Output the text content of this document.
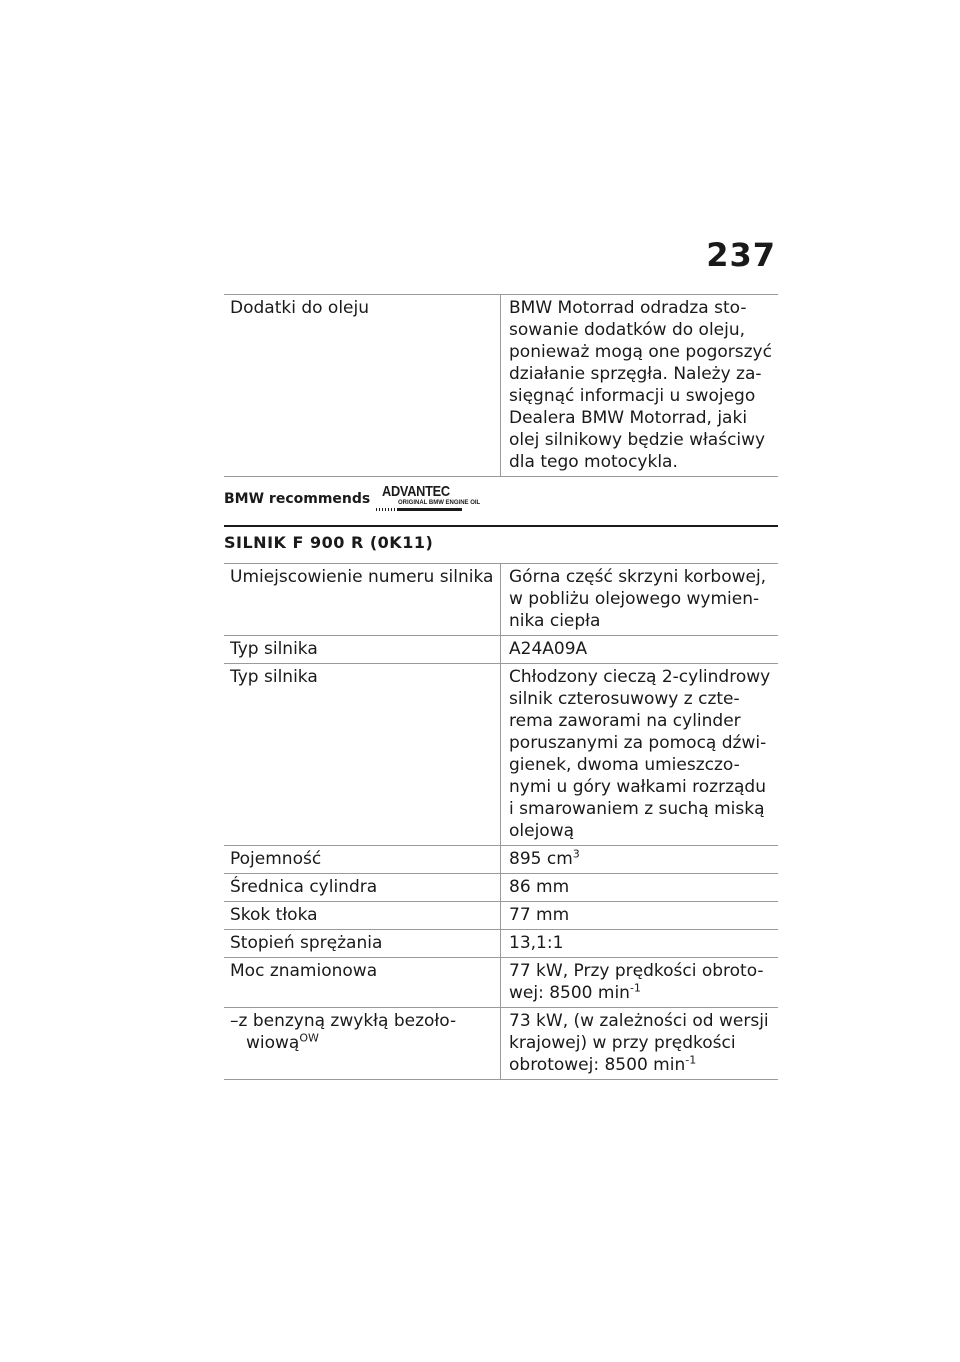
237
Dodatki do oleju	BMW Motorrad odradza sto-sowanie dodatków do oleju, ponieważ mogą one pogorszyć działanie sprzęgła. Należy za-sięgnąć informacji u swojego Dealera BMW Motorrad, jaki olej silnikowy będzie właściwy dla tego motocykla.
BMW recommends ADVANTEC
ORIGINAL BMW ENGINE OIL
SILNIK F 900 R (0K11)
Umiejscowienie numeru silnika	Górna część skrzyni korbowej, w pobliżu olejowego wymien-nika ciepła
Typ silnika	A24A09A
Typ silnika	Chłodzony cieczą 2-cylindrowy silnik czterosuwowy z czte-rema zaworami na cylinder poruszanymi za pomocą dźwi-gienek, dwoma umieszczo-nymi u góry wałkami rozrządu i smarowaniem z suchą miską olejową
Pojemność	895 $cm^3$
Średnica cylindra	86 mm
Skok tłoka	77 mm
Stopień sprężania	13,1:1
Moc znamionowa	77 kW, Przy prędkości obroto-wej: 8500 $\min^{-1}$

–z benzyną zwykłą bezoło-wiową$^{OW}$	73 kW, (w zależności od wersji krajowej) w przy prędkości obrotowej: 8500 $\min^{-1}$
